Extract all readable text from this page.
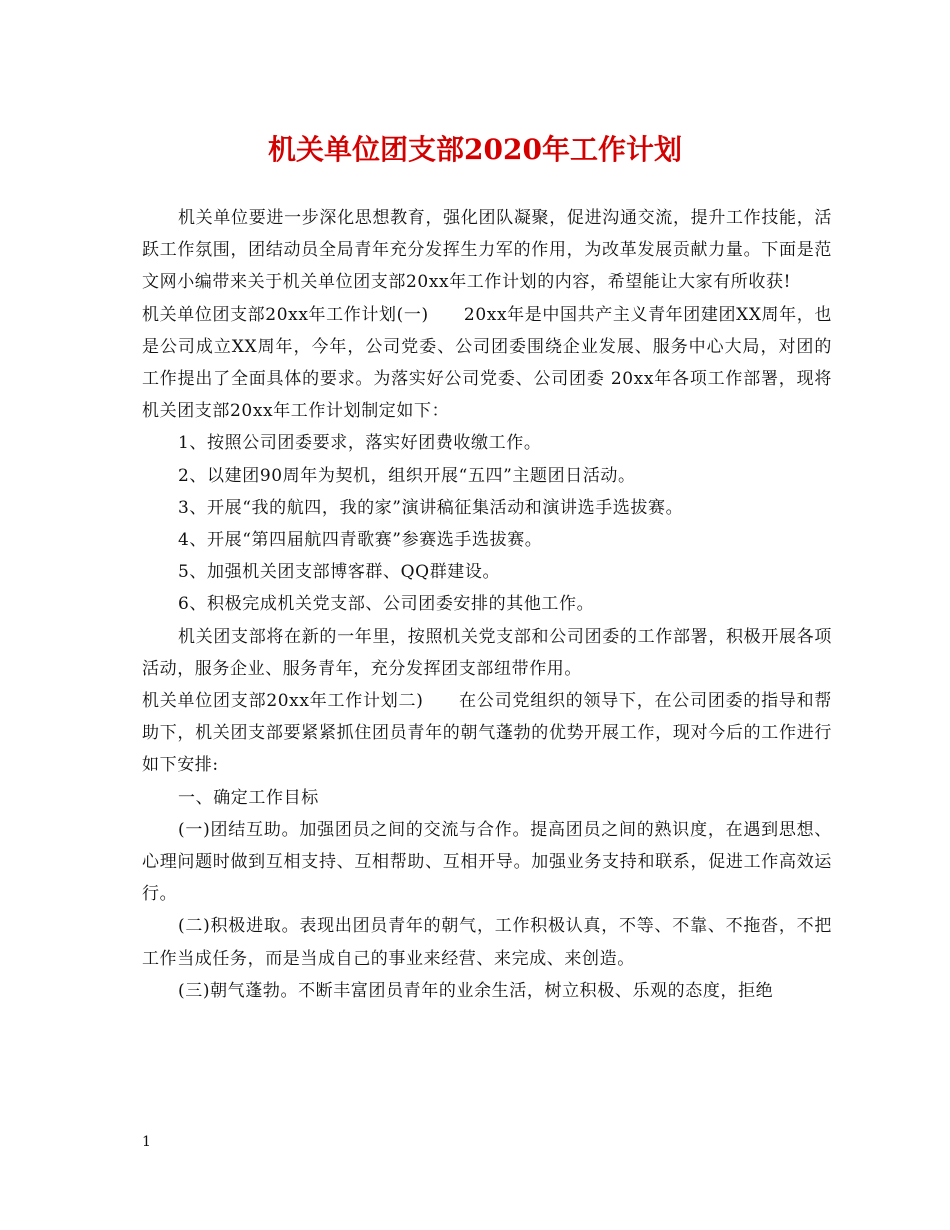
机关单位团支部2020年工作计划

机关单位要进一步深化思想教育，强化团队凝聚，促进沟通交流，提升工作技能，活跃工作氛围，团结动员全局青年充分发挥生力军的作用，为改革发展贡献力量。下面是范文网小编带来关于机关单位团支部20xx年工作计划的内容，希望能让大家有所收获!

机关单位团支部20xx年工作计划(一)　　20xx年是中国共产主义青年团建团XX周年，也是公司成立XX周年，今年，公司党委、公司团委围绕企业发展、服务中心大局，对团的工作提出了全面具体的要求。为落实好公司党委、公司团委 20xx年各项工作部署，现将机关团支部20xx年工作计划制定如下：

1、按照公司团委要求，落实好团费收缴工作。

2、以建团90周年为契机，组织开展“五四”主题团日活动。

3、开展“我的航四，我的家”演讲稿征集活动和演讲选手选拔赛。

4、开展“第四届航四青歌赛”参赛选手选拔赛。

5、加强机关团支部博客群、QQ群建设。

6、积极完成机关党支部、公司团委安排的其他工作。

机关团支部将在新的一年里，按照机关党支部和公司团委的工作部署，积极开展各项活动，服务企业、服务青年，充分发挥团支部纽带作用。

机关单位团支部20xx年工作计划二)　　在公司党组织的领导下，在公司团委的指导和帮助下，机关团支部要紧紧抓住团员青年的朝气蓬勃的优势开展工作，现对今后的工作进行如下安排:

一、确定工作目标

(一)团结互助。加强团员之间的交流与合作。提高团员之间的熟识度，在遇到思想、心理问题时做到互相支持、互相帮助、互相开导。加强业务支持和联系，促进工作高效运行。

(二)积极进取。表现出团员青年的朝气，工作积极认真，不等、不靠、不拖沓，不把工作当成任务，而是当成自己的事业来经营、来完成、来创造。

(三)朝气蓬勃。不断丰富团员青年的业余生活，树立积极、乐观的态度，拒绝

1
